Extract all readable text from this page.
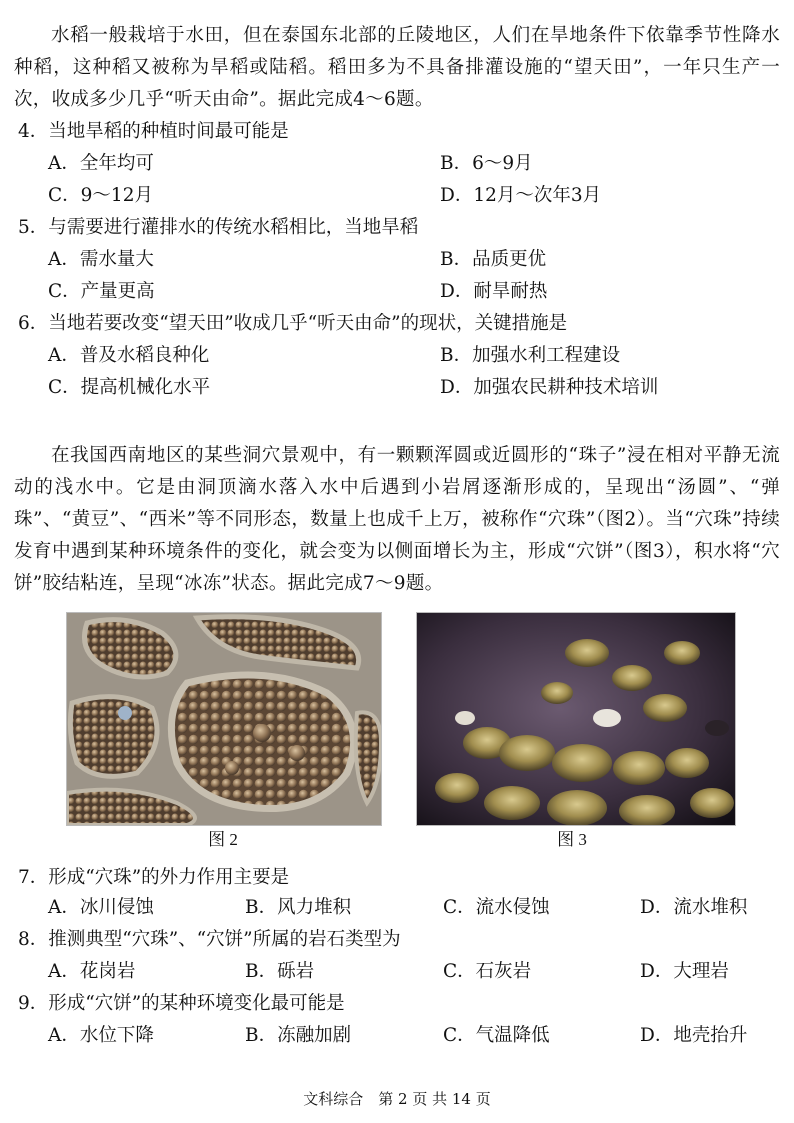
水稻一般栽培于水田，但在泰国东北部的丘陵地区，人们在旱地条件下依靠季节性降水种稻，这种稻又被称为旱稻或陆稻。稻田多为不具备排灌设施的“望天田”，一年只生产一次，收成多少几乎“听天由命”。据此完成4～6题。
4．当地旱稻的种植时间最可能是
A．全年均可	B．6～9月
C．9～12月	D．12月～次年3月
5．与需要进行灌排水的传统水稻相比，当地旱稻
A．需水量大	B．品质更优
C．产量更高	D．耐旱耐热
6．当地若要改变“望天田”收成几乎“听天由命”的现状，关键措施是
A．普及水稻良种化	B．加强水利工程建设
C．提高机械化水平	D．加强农民耕种技术培训
在我国西南地区的某些洞穴景观中，有一颗颗浑圆或近圆形的“珠子”浸在相对平静无流动的浅水中。它是由洞顶滴水落入水中后遇到小岩屑逐渐形成的，呈现出“汤圆”、“弹珠”、“黄豆”、“西米”等不同形态，数量上也成千上万，被称作“穴珠”（图2）。当“穴珠”持续发育中遇到某种环境条件的变化，就会变为以侧面增长为主，形成“穴饼”（图3），积水将“穴饼”胶结粘连，呈现“冰冻”状态。据此完成7～9题。
图 2	图 3
7．形成“穴珠”的外力作用主要是
A．冰川侵蚀	B．风力堆积	C．流水侵蚀	D．流水堆积
8．推测典型“穴珠”、“穴饼”所属的岩石类型为
A．花岗岩	B．砾岩	C．石灰岩	D．大理岩
9．形成“穴饼”的某种环境变化最可能是
A．水位下降	B．冻融加剧	C．气温降低	D．地壳抬升
文科综合　第 2 页 共 14 页
